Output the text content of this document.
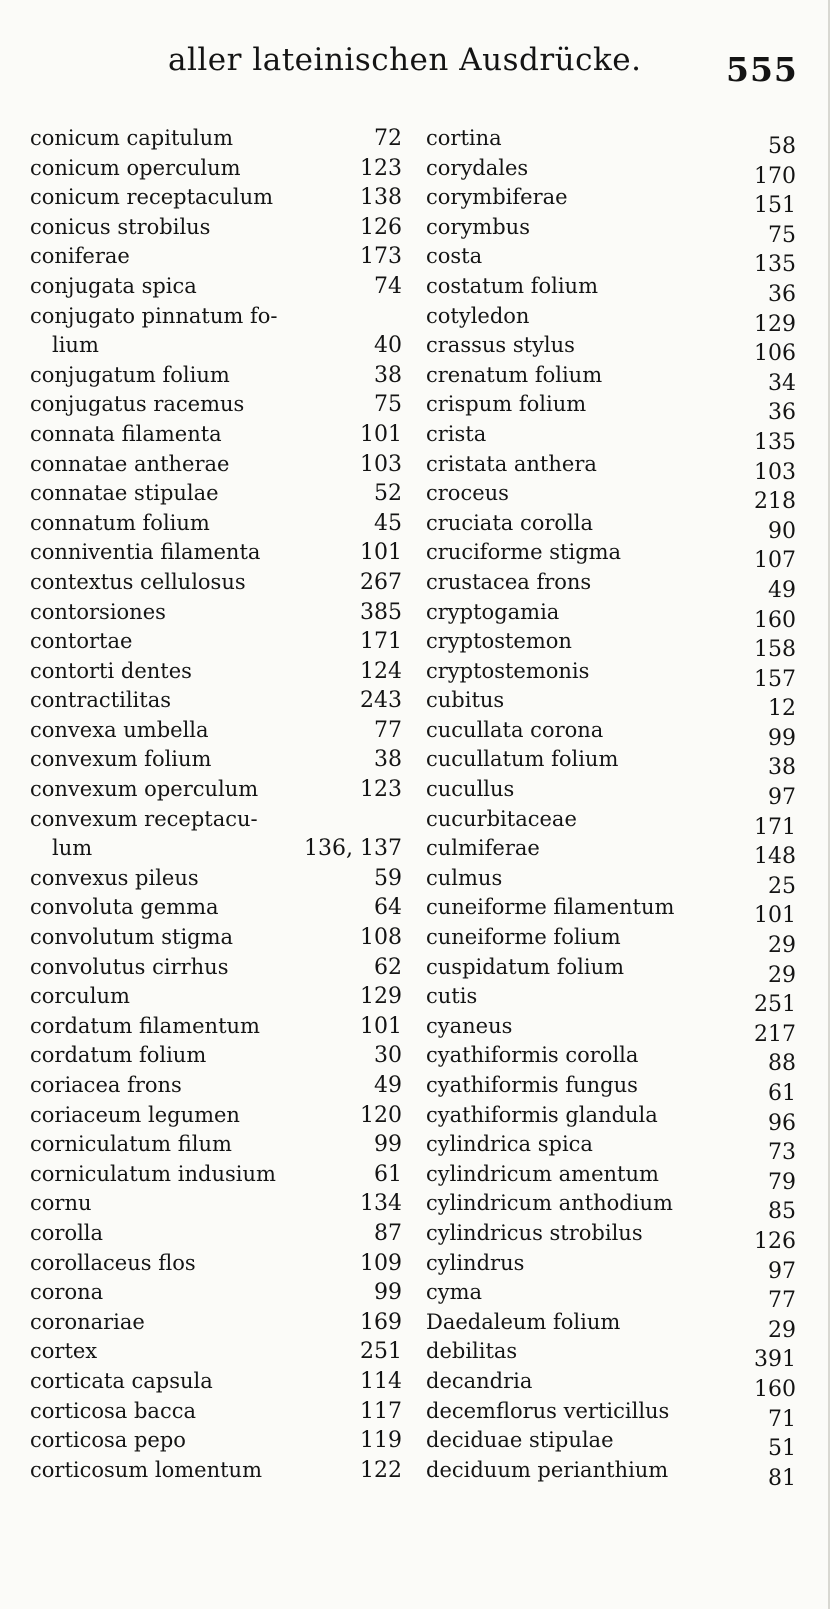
aller lateinischen Ausdrücke.	555
conicum capitulum	72
conicum operculum	123
conicum receptaculum	138
conicus strobilus	126
coniferae	173
conjugata spica	74
conjugato pinnatum fo-
lium	40
conjugatum folium	38
conjugatus racemus	75
connata filamenta	101
connatae antherae	103
connatae stipulae	52
connatum folium	45
conniventia filamenta	101
contextus cellulosus	267
contorsiones	385
contortae	171
contorti dentes	124
contractilitas	243
convexa umbella	77
convexum folium	38
convexum operculum	123
convexum receptacu-
lum	136, 137
convexus pileus	59
convoluta gemma	64
convolutum stigma	108
convolutus cirrhus	62
corculum	129
cordatum filamentum	101
cordatum folium	30
coriacea frons	49
coriaceum legumen	120
corniculatum filum	99
corniculatum indusium	61
cornu	134
corolla	87
corollaceus flos	109
corona	99
coronariae	169
cortex	251
corticata capsula	114
corticosa bacca	117
corticosa pepo	119
corticosum lomentum	122
cortina	58
corydales	170
corymbiferae	151
corymbus	75
costa	135
costatum folium	36
cotyledon	129
crassus stylus	106
crenatum folium	34
crispum folium	36
crista	135
cristata anthera	103
croceus	218
cruciata corolla	90
cruciforme stigma	107
crustacea frons	49
cryptogamia	160
cryptostemon	158
cryptostemonis	157
cubitus	12
cucullata corona	99
cucullatum folium	38
cucullus	97
cucurbitaceae	171
culmiferae	148
culmus	25
cuneiforme filamentum	101
cuneiforme folium	29
cuspidatum folium	29
cutis	251
cyaneus	217
cyathiformis corolla	88
cyathiformis fungus	61
cyathiformis glandula	96
cylindrica spica	73
cylindricum amentum	79
cylindricum anthodium	85
cylindricus strobilus	126
cylindrus	97
cyma	77
Daedaleum folium	29
debilitas	391
decandria	160
decemflorus verticillus	71
deciduae stipulae	51
deciduum perianthium	81
